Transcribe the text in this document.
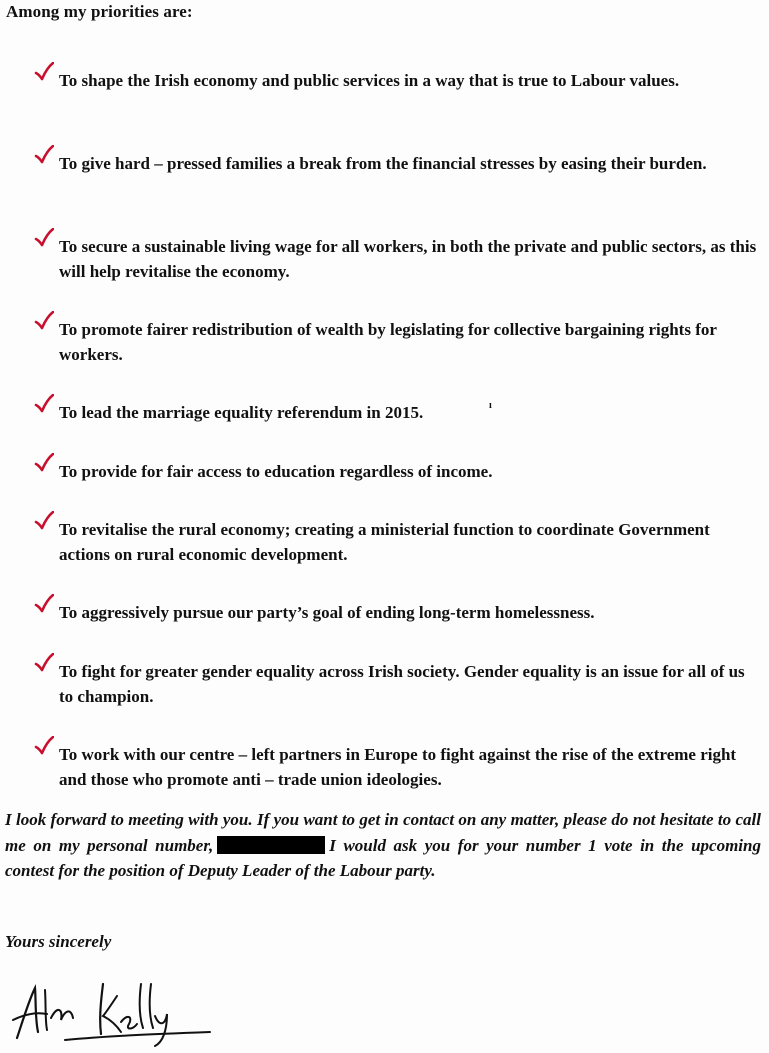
Among my priorities are:
To shape the Irish economy and public services in a way that is true to Labour values.
To give hard – pressed families a break from the financial stresses by easing their burden.
To secure a sustainable living wage for all workers, in both the private and public sectors, as this will help revitalise the economy.
To promote fairer redistribution of wealth by legislating for collective bargaining rights for workers.
To lead the marriage equality referendum in 2015.
To provide for fair access to education regardless of income.
To revitalise the rural economy; creating a ministerial function to coordinate Government actions on rural economic development.
To aggressively pursue our party’s goal of ending long-term homelessness.
To fight for greater gender equality across Irish society. Gender equality is an issue for all of us to champion.
To work with our centre – left partners in Europe to fight against the rise of the extreme right and those who promote anti – trade union ideologies.
ı
I look forward to meeting with you. If you want to get in contact on any matter, please do not hesitate to call me on my personal number,	I would ask you for your number 1 vote in the upcoming contest for the position of Deputy Leader of the Labour party.
Yours sincerely
